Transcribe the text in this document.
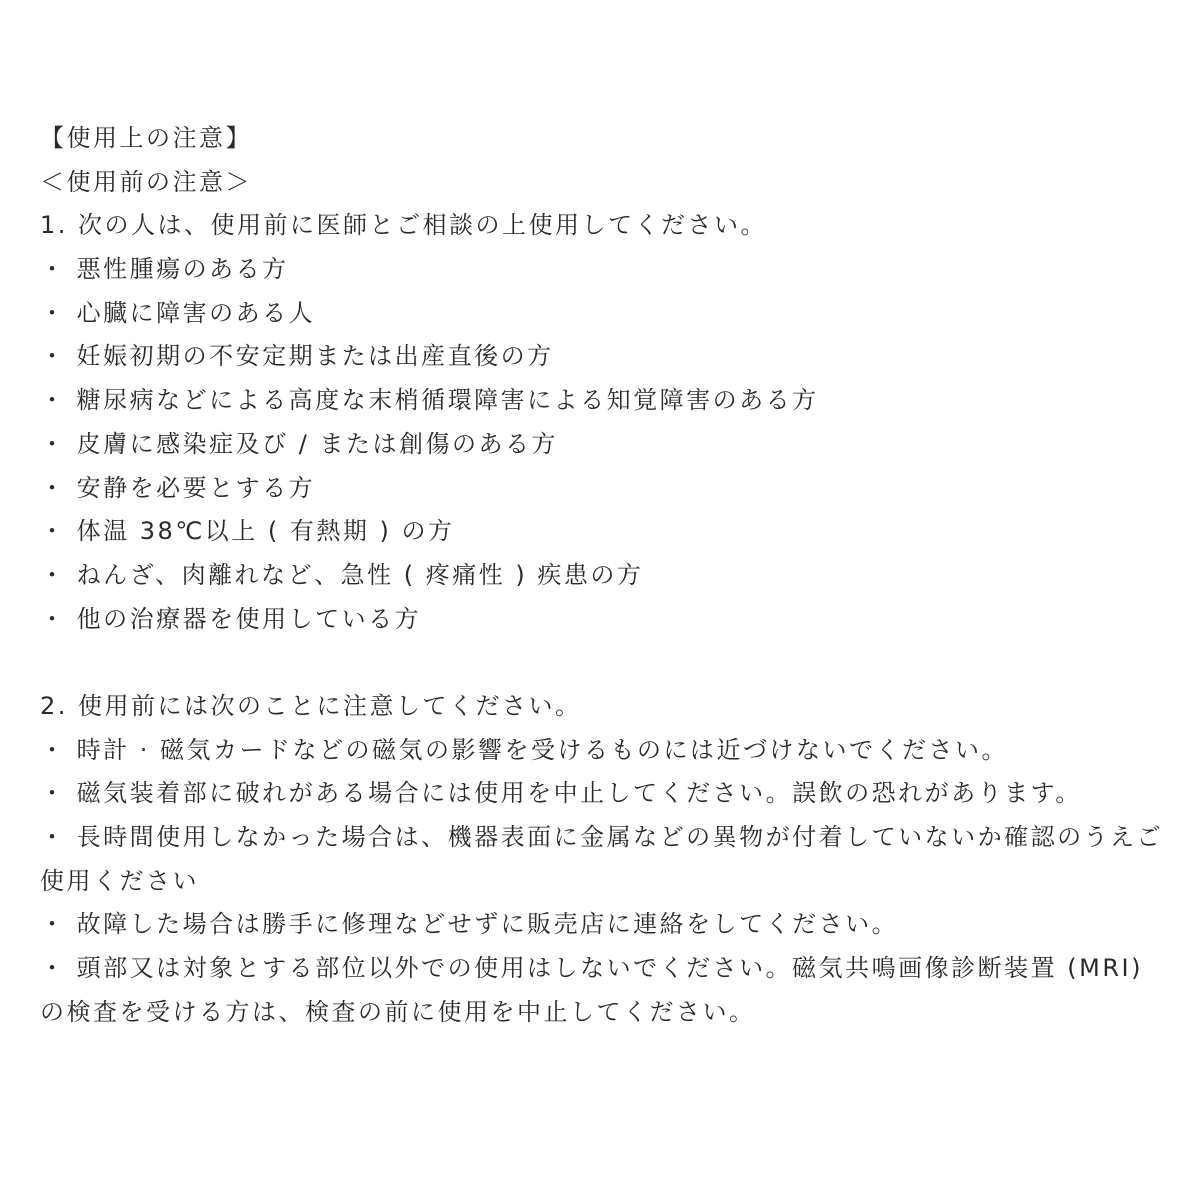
【使用上の注意】
＜使用前の注意＞
1. 次の人は、使用前に医師とご相談の上使用してください。
・ 悪性腫瘍のある方
・ 心臓に障害のある人
・ 妊娠初期の不安定期または出産直後の方
・ 糖尿病などによる高度な末梢循環障害による知覚障害のある方
・ 皮膚に感染症及び / または創傷のある方
・ 安静を必要とする方
・ 体温 38℃以上 ( 有熱期 ) の方
・ ねんざ、肉離れなど、急性 ( 疼痛性 ) 疾患の方
・ 他の治療器を使用している方
2. 使用前には次のことに注意してください。
・ 時計 · 磁気カードなどの磁気の影響を受けるものには近づけないでください。
・ 磁気装着部に破れがある場合には使用を中止してください。誤飲の恐れがあります。
・ 長時間使用しなかった場合は、機器表面に金属などの異物が付着していないか確認のうえご使用ください
・ 故障した場合は勝手に修理などせずに販売店に連絡をしてください。
・ 頭部又は対象とする部位以外での使用はしないでください。磁気共鳴画像診断装置 (MRI) の検査を受ける方は、検査の前に使用を中止してください。
